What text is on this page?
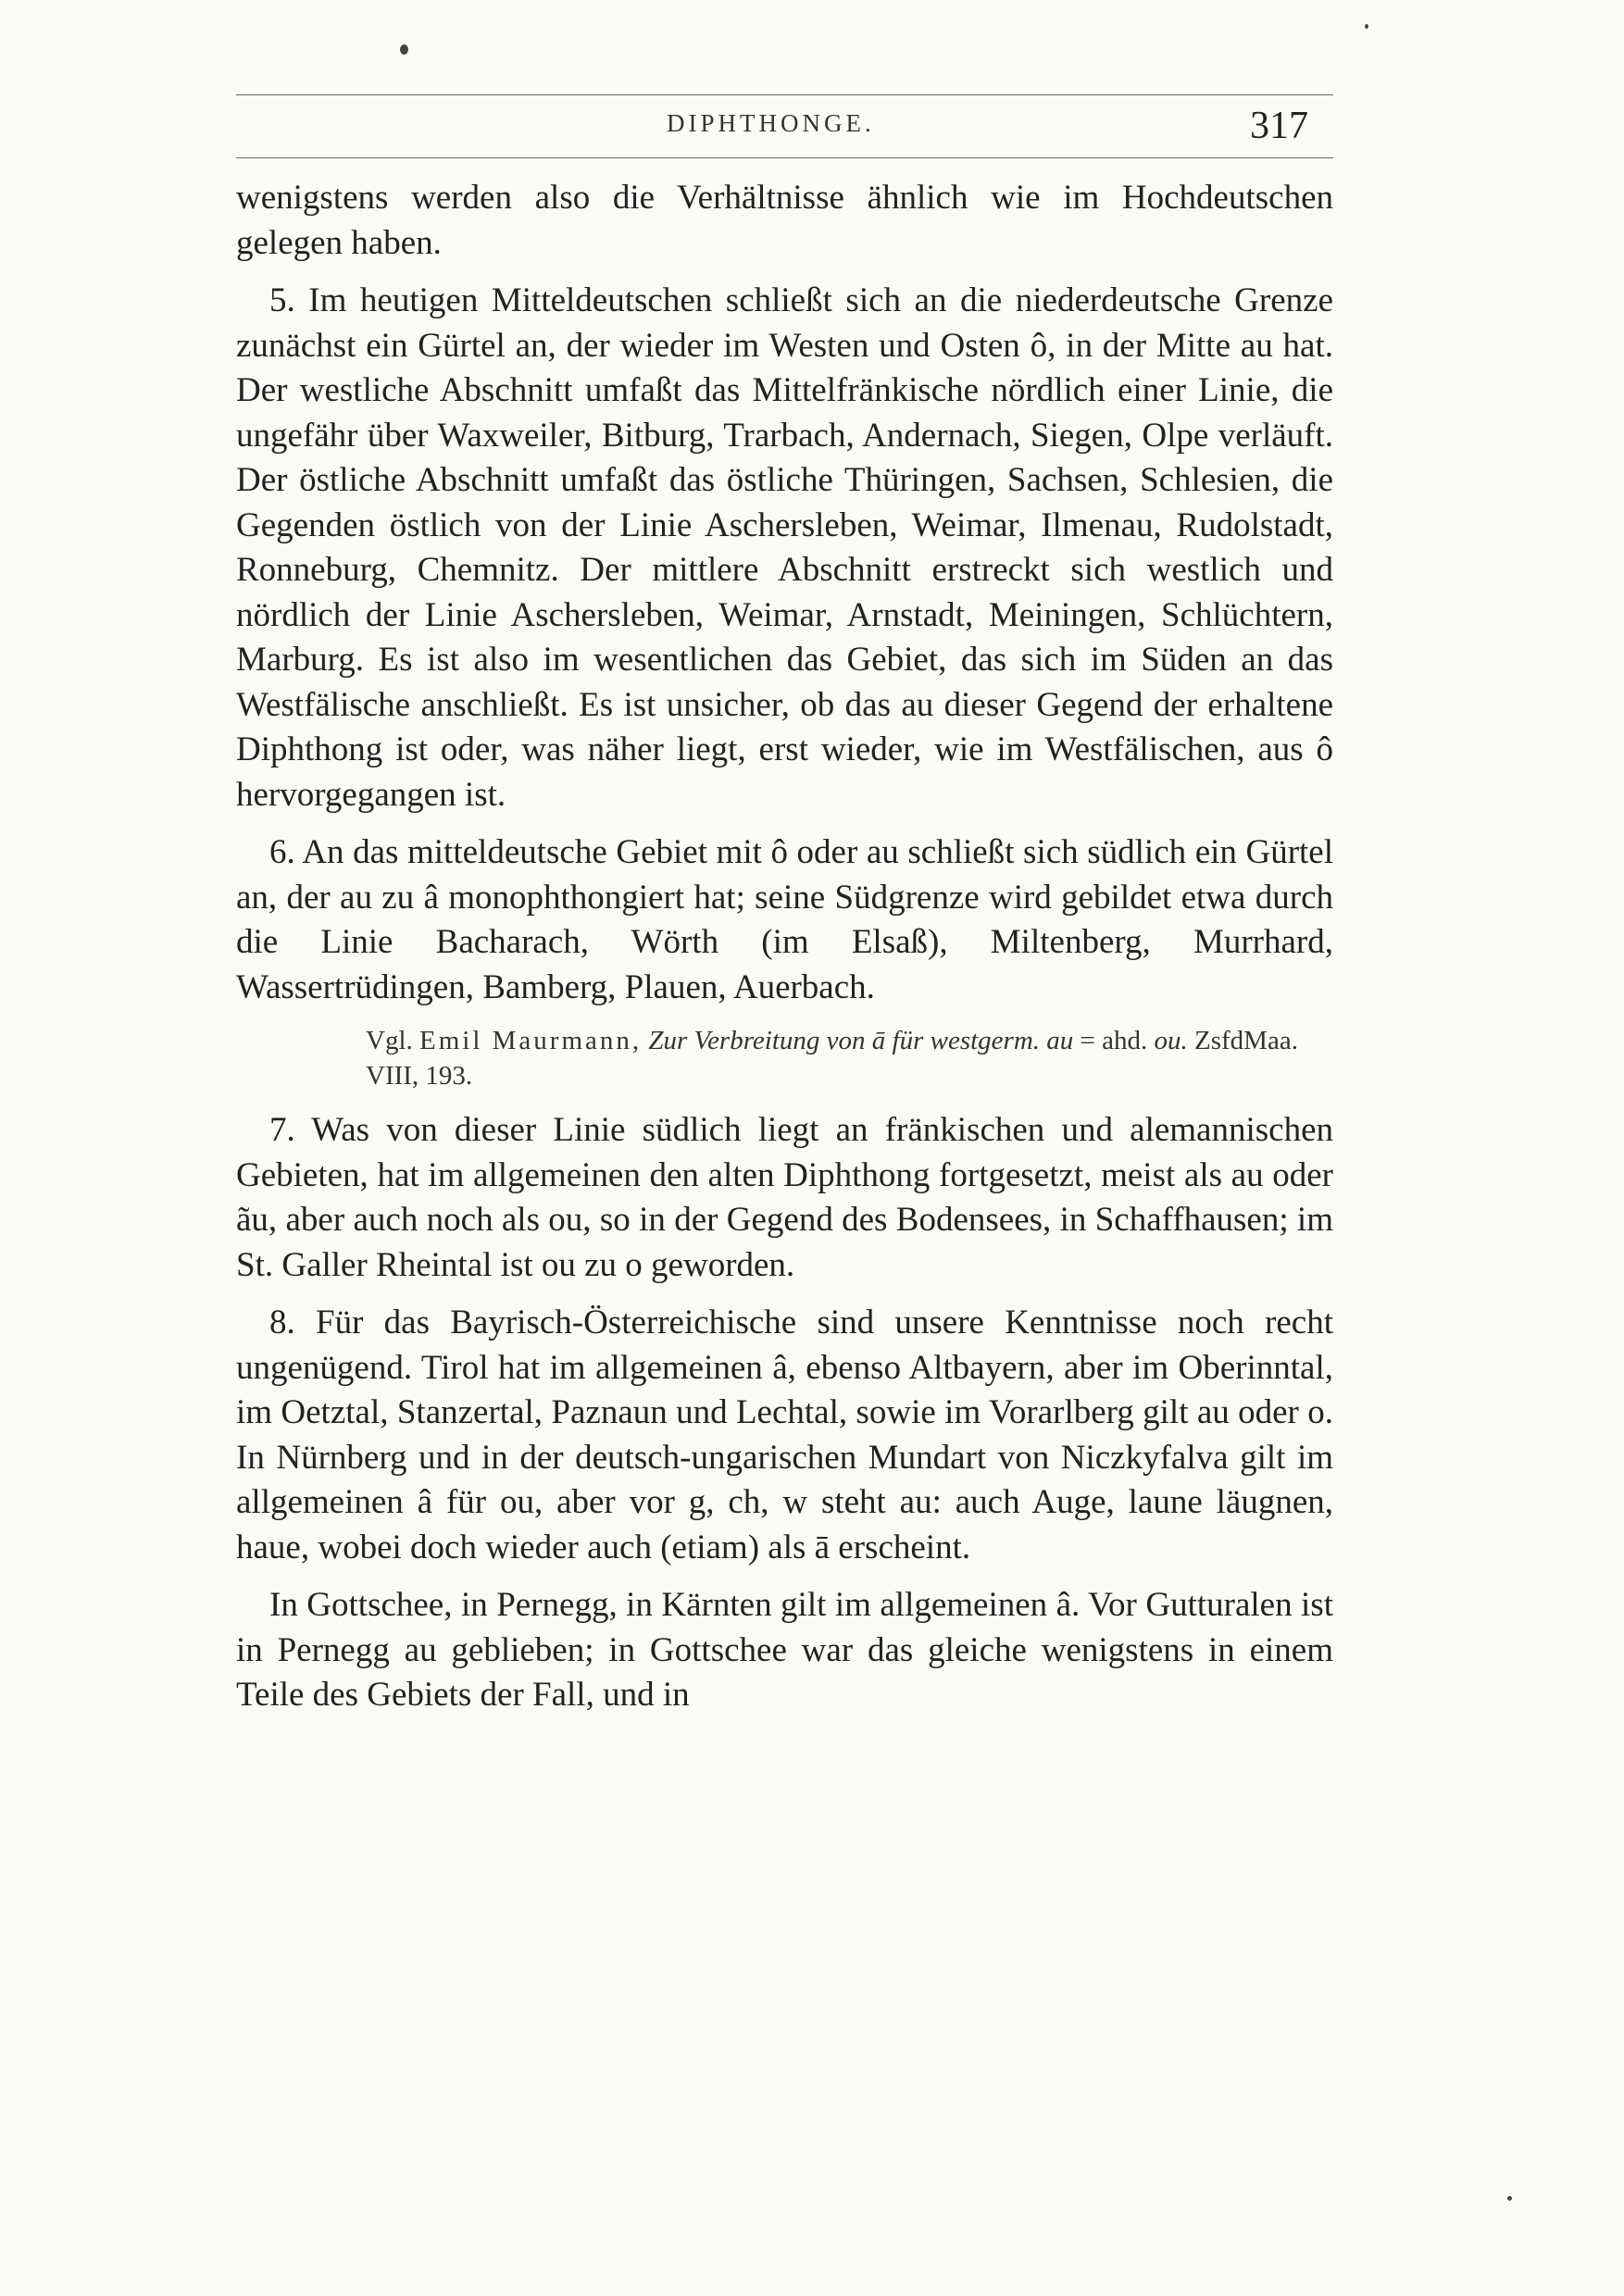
DIPHTHONGE.	317

wenigstens werden also die Verhältnisse ähnlich wie im Hochdeutschen gelegen haben.

5. Im heutigen Mitteldeutschen schließt sich an die niederdeutsche Grenze zunächst ein Gürtel an, der wieder im Westen und Osten ô, in der Mitte au hat. Der westliche Abschnitt umfaßt das Mittelfränkische nördlich einer Linie, die ungefähr über Waxweiler, Bitburg, Trarbach, Andernach, Siegen, Olpe verläuft. Der östliche Abschnitt umfaßt das östliche Thüringen, Sachsen, Schlesien, die Gegenden östlich von der Linie Aschersleben, Weimar, Ilmenau, Rudolstadt, Ronneburg, Chemnitz. Der mittlere Abschnitt erstreckt sich westlich und nördlich der Linie Aschersleben, Weimar, Arnstadt, Meiningen, Schlüchtern, Marburg. Es ist also im wesentlichen das Gebiet, das sich im Süden an das Westfälische anschließt. Es ist unsicher, ob das au dieser Gegend der erhaltene Diphthong ist oder, was näher liegt, erst wieder, wie im Westfälischen, aus ô hervorgegangen ist.

6. An das mitteldeutsche Gebiet mit ô oder au schließt sich südlich ein Gürtel an, der au zu â monophthongiert hat; seine Südgrenze wird gebildet etwa durch die Linie Bacharach, Wörth (im Elsaß), Miltenberg, Murrhard, Wassertrüdingen, Bamberg, Plauen, Auerbach.

Vgl. Emil Maurmann, Zur Verbreitung von ā für westgerm. au = ahd. ou. ZsfdMaa. VIII, 193.

7. Was von dieser Linie südlich liegt an fränkischen und alemannischen Gebieten, hat im allgemeinen den alten Diphthong fortgesetzt, meist als au oder ãu, aber auch noch als ou, so in der Gegend des Bodensees, in Schaffhausen; im St. Galler Rheintal ist ou zu o geworden.

8. Für das Bayrisch-Österreichische sind unsere Kenntnisse noch recht ungenügend. Tirol hat im allgemeinen â, ebenso Altbayern, aber im Oberinntal, im Oetztal, Stanzertal, Paznaun und Lechtal, sowie im Vorarlberg gilt au oder o. In Nürnberg und in der deutsch-ungarischen Mundart von Niczkyfalva gilt im allgemeinen â für ou, aber vor g, ch, w steht au: auch Auge, laune läugnen, haue, wobei doch wieder auch (etiam) als ā erscheint.

In Gottschee, in Pernegg, in Kärnten gilt im allgemeinen â. Vor Gutturalen ist in Pernegg au geblieben; in Gottschee war das gleiche wenigstens in einem Teile des Gebiets der Fall, und in
